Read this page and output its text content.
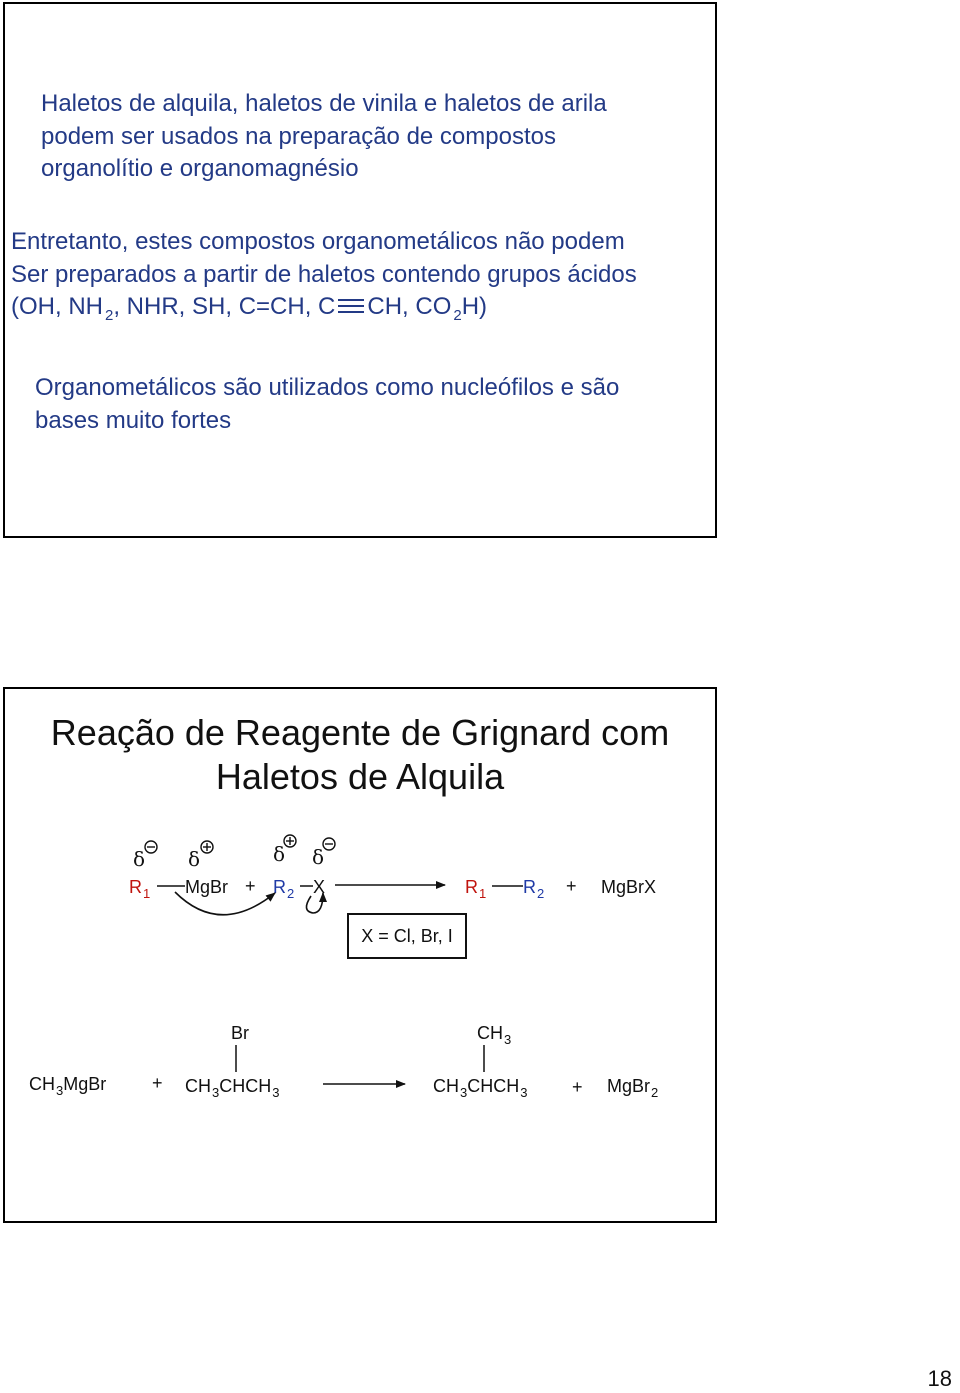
Haletos de alquila, haletos de vinila e haletos de arila
podem ser usados na preparação de compostos
organolítio e organomagnésio
Entretanto, estes compostos organometálicos não podem
Ser preparados a partir de haletos contendo grupos ácidos
(OH, NH $_2$, NHR, SH, C=CH, C CH, CO $_2$H)
Organometálicos são utilizados como nucleófilos e são
bases muito fortes
Reação de Reagente de Grignard com
Haletos de Alquila
δ δ	δ δ
$R_1$ MgBr + $R_2$ X	$R_1$ $R_2$ + MgBrX
X = Cl, Br, I
Br	$CH_3$
$CH_3MgBr$	+ $CH_3CHCH_3$	$CH_3CHCH_3$ + MgBr$_2$
18
